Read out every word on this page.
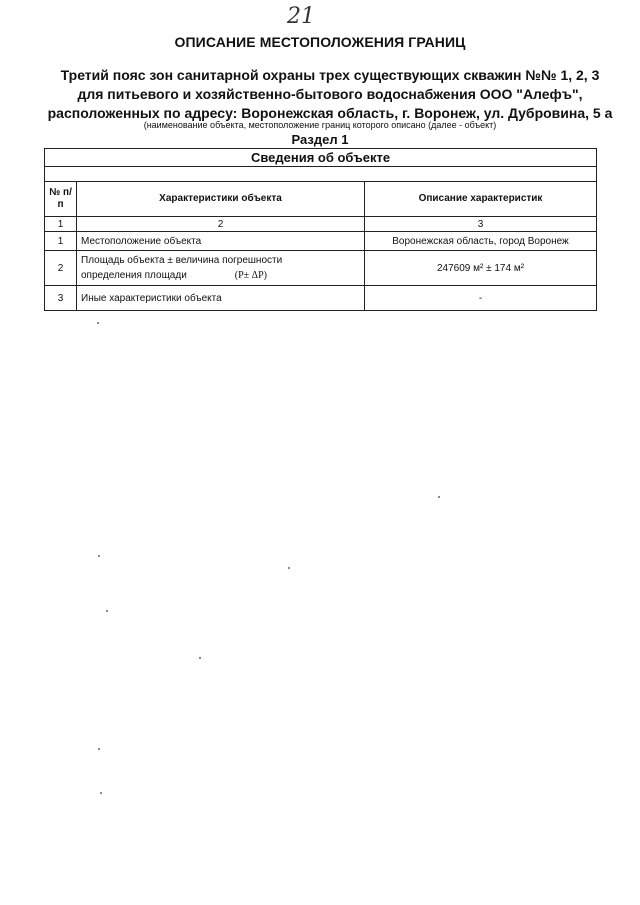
21
ОПИСАНИЕ МЕСТОПОЛОЖЕНИЯ ГРАНИЦ
Третий пояс зон санитарной охраны трех существующих скважин №№ 1, 2, 3
для питьевого и хозяйственно-бытового водоснабжения ООО "Алефъ",
расположенных по адресу: Воронежская область, г. Воронеж, ул. Дубровина, 5 а
(наименование объекта, местоположение границ которого описано (далее - объект)
Раздел 1
Сведения об объекте		

№ п/п	Характеристики объекта	Описание характеристик
1	2	3
1	Местоположение объекта	Воронежская область, город Воронеж
2	Площадь объекта ± величина погрешности
определения площади (P± ΔP)	247609 м² ± 174 м²
3	Иные характеристики объекта	-
